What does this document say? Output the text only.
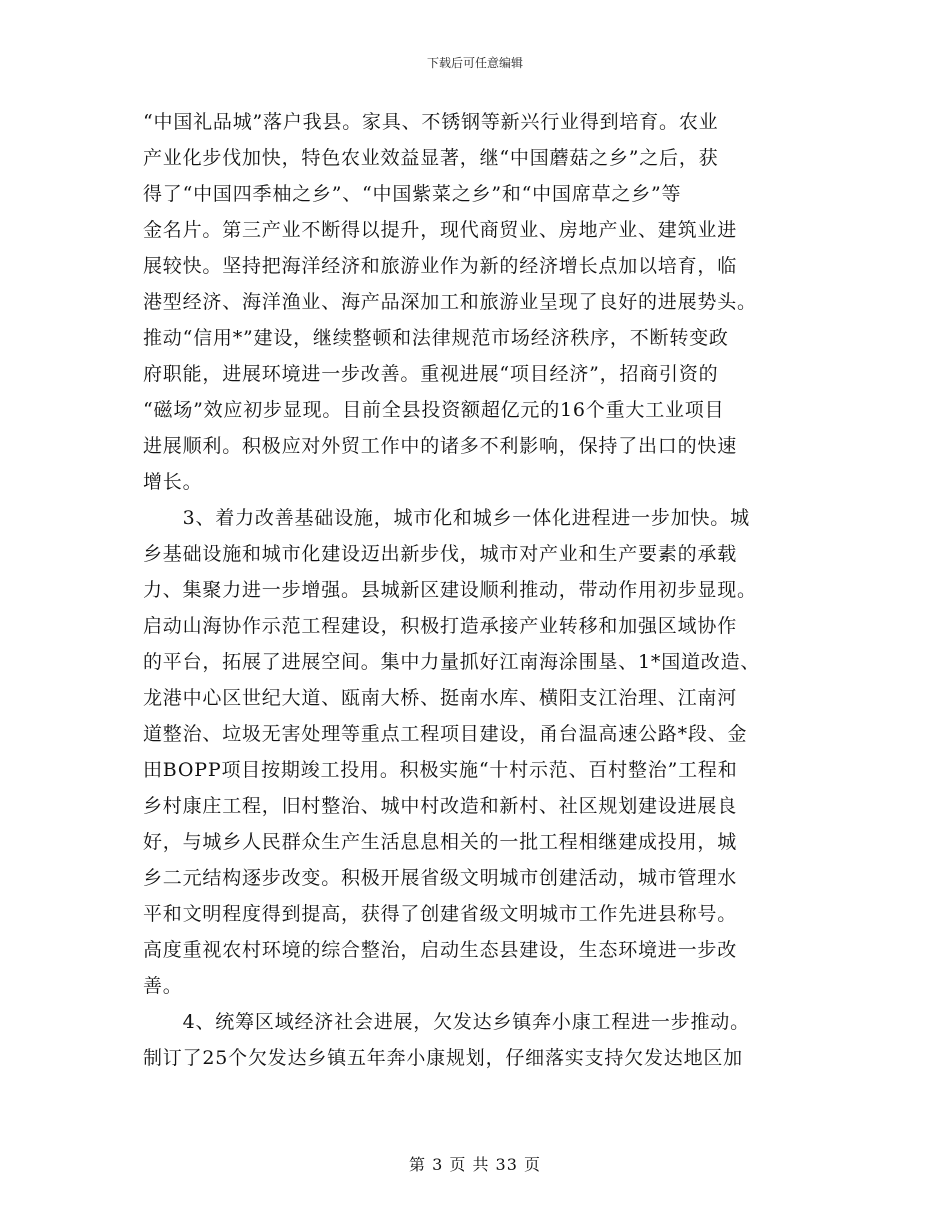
下载后可任意编辑
“中国礼品城”落户我县。家具、不锈钢等新兴行业得到培育。农业
产业化步伐加快，特色农业效益显著，继“中国蘑菇之乡”之后，获
得了“中国四季柚之乡”、“中国紫菜之乡”和“中国席草之乡”等
金名片。第三产业不断得以提升，现代商贸业、房地产业、建筑业进
展较快。坚持把海洋经济和旅游业作为新的经济增长点加以培育，临
港型经济、海洋渔业、海产品深加工和旅游业呈现了良好的进展势头。
推动“信用*”建设，继续整顿和法律规范市场经济秩序，不断转变政
府职能，进展环境进一步改善。重视进展“项目经济”，招商引资的
“磁场”效应初步显现。目前全县投资额超亿元的16个重大工业项目
进展顺利。积极应对外贸工作中的诸多不利影响，保持了出口的快速
增长。
　　3、着力改善基础设施，城市化和城乡一体化进程进一步加快。城
乡基础设施和城市化建设迈出新步伐，城市对产业和生产要素的承载
力、集聚力进一步增强。县城新区建设顺利推动，带动作用初步显现。
启动山海协作示范工程建设，积极打造承接产业转移和加强区域协作
的平台，拓展了进展空间。集中力量抓好江南海涂围垦、1*国道改造、
龙港中心区世纪大道、瓯南大桥、挺南水库、横阳支江治理、江南河
道整治、垃圾无害处理等重点工程项目建设，甬台温高速公路*段、金
田BOPP项目按期竣工投用。积极实施“十村示范、百村整治”工程和
乡村康庄工程，旧村整治、城中村改造和新村、社区规划建设进展良
好，与城乡人民群众生产生活息息相关的一批工程相继建成投用，城
乡二元结构逐步改变。积极开展省级文明城市创建活动，城市管理水
平和文明程度得到提高，获得了创建省级文明城市工作先进县称号。
高度重视农村环境的综合整治，启动生态县建设，生态环境进一步改
善。
　　4、统筹区域经济社会进展，欠发达乡镇奔小康工程进一步推动。
制订了25个欠发达乡镇五年奔小康规划，仔细落实支持欠发达地区加
第 3 页 共 33 页
